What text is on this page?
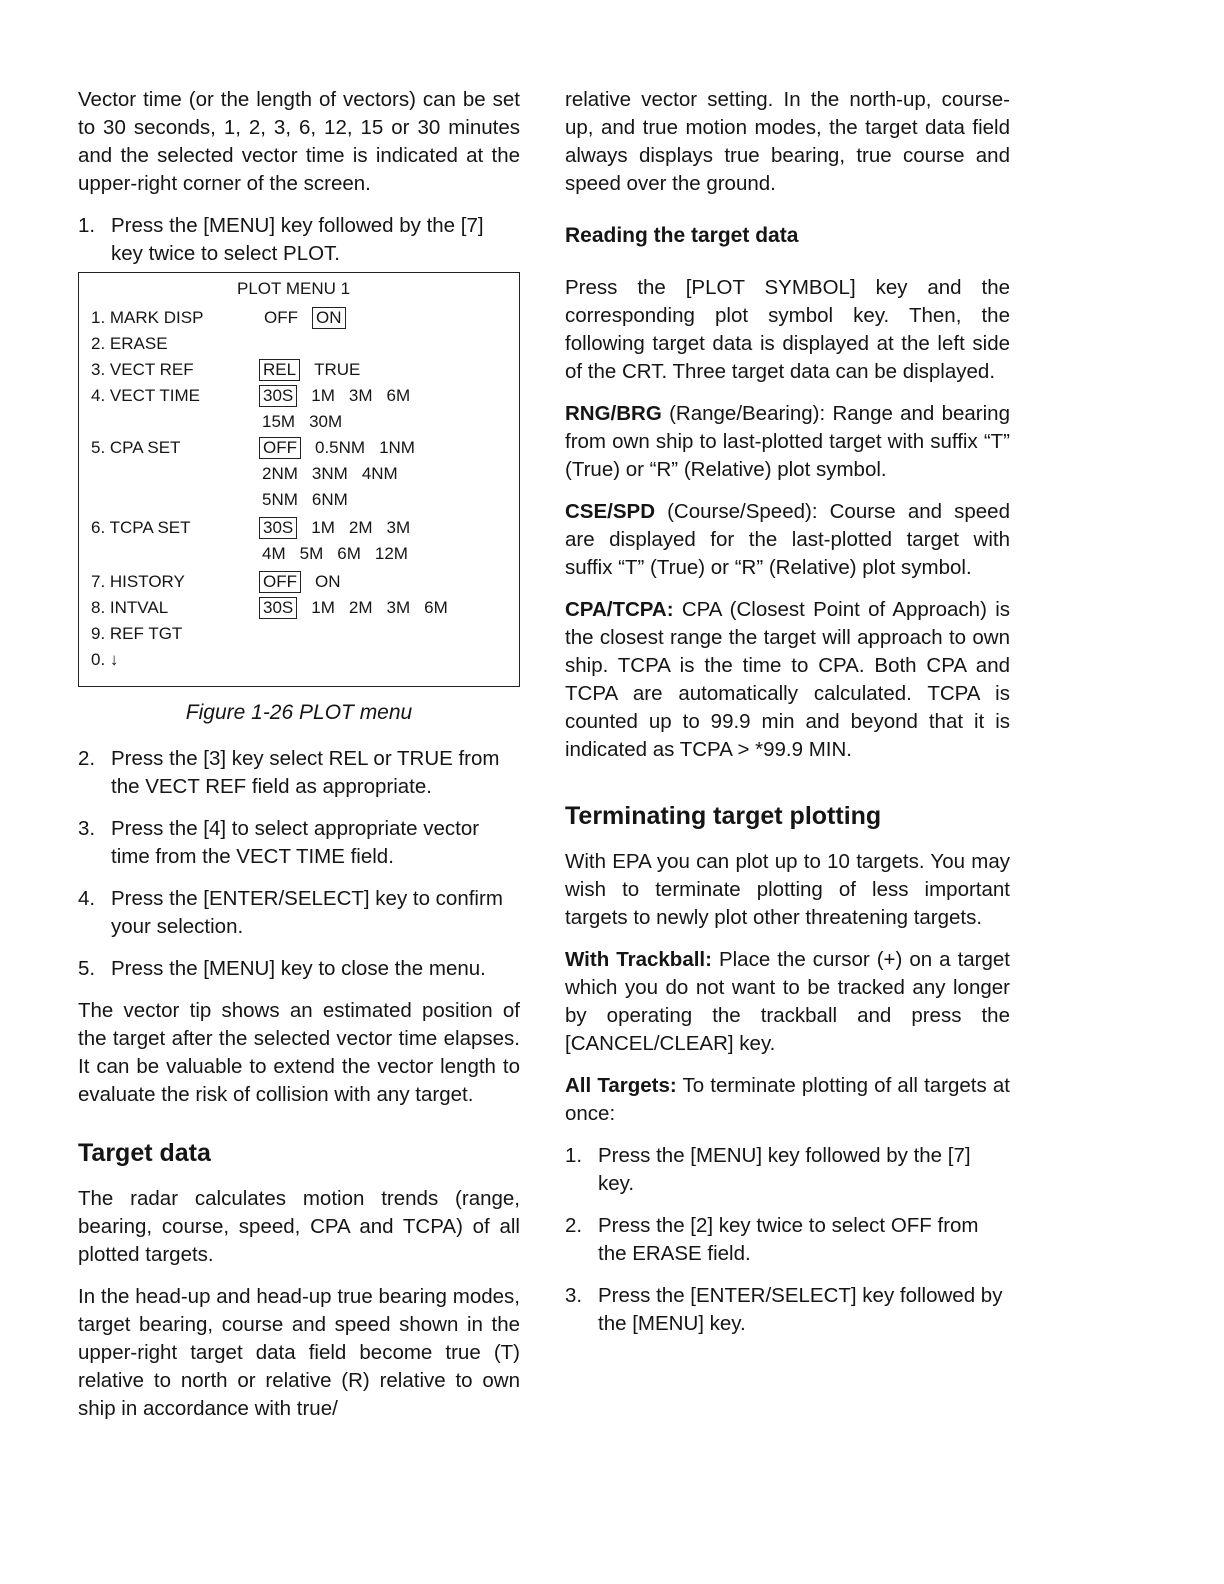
Vector time (or the length of vectors) can be set to 30 seconds, 1, 2, 3, 6, 12, 15 or 30 minutes and the selected vector time is indicated at the upper-right corner of the screen.

1. Press the [MENU] key followed by the [7] key twice to select PLOT.
PLOT MENU 1
1. MARK DISP	OFF ON
2. ERASE
3. VECT REF	REL TRUE
4. VECT TIME	30S 1M 3M 6M
15M 30M
5. CPA SET	OFF 0.5NM 1NM
2NM 3NM 4NM
5NM 6NM
6. TCPA SET	30S 1M 2M 3M
4M 5M 6M 12M
7. HISTORY	OFF ON
8. INTVAL	30S 1M 2M 3M 6M
9. REF TGT
0. ↓
Figure 1-26 PLOT menu
2. Press the [3] key select REL or TRUE from the VECT REF field as appropriate.
3. Press the [4] to select appropriate vector time from the VECT TIME field.
4. Press the [ENTER/SELECT] key to confirm your selection.
5. Press the [MENU] key to close the menu.

The vector tip shows an estimated position of the target after the selected vector time elapses. It can be valuable to extend the vector length to evaluate the risk of collision with any target.

Target data

The radar calculates motion trends (range, bearing, course, speed, CPA and TCPA) of all plotted targets.

In the head-up and head-up true bearing modes, target bearing, course and speed shown in the upper-right target data field become true (T) relative to north or relative (R) relative to own ship in accordance with true/

relative vector setting. In the north-up, course-up, and true motion modes, the target data field always displays true bearing, true course and speed over the ground.

Reading the target data

Press the [PLOT SYMBOL] key and the corresponding plot symbol key. Then, the following target data is displayed at the left side of the CRT. Three target data can be displayed.

RNG/BRG (Range/Bearing): Range and bearing from own ship to last-plotted target with suffix “T” (True) or “R” (Relative) plot symbol.

CSE/SPD (Course/Speed): Course and speed are displayed for the last-plotted target with suffix “T” (True) or “R” (Relative) plot symbol.

CPA/TCPA: CPA (Closest Point of Approach) is the closest range the target will approach to own ship. TCPA is the time to CPA. Both CPA and TCPA are automatically calculated. TCPA is counted up to 99.9 min and beyond that it is indicated as TCPA > *99.9 MIN.

Terminating target plotting

With EPA you can plot up to 10 targets. You may wish to terminate plotting of less important targets to newly plot other threatening targets.

With Trackball: Place the cursor (+) on a target which you do not want to be tracked any longer by operating the trackball and press the [CANCEL/CLEAR] key.

All Targets: To terminate plotting of all targets at once:

1. Press the [MENU] key followed by the [7] key.
2. Press the [2] key twice to select OFF from the ERASE field.
3. Press the [ENTER/SELECT] key followed by the [MENU] key.
